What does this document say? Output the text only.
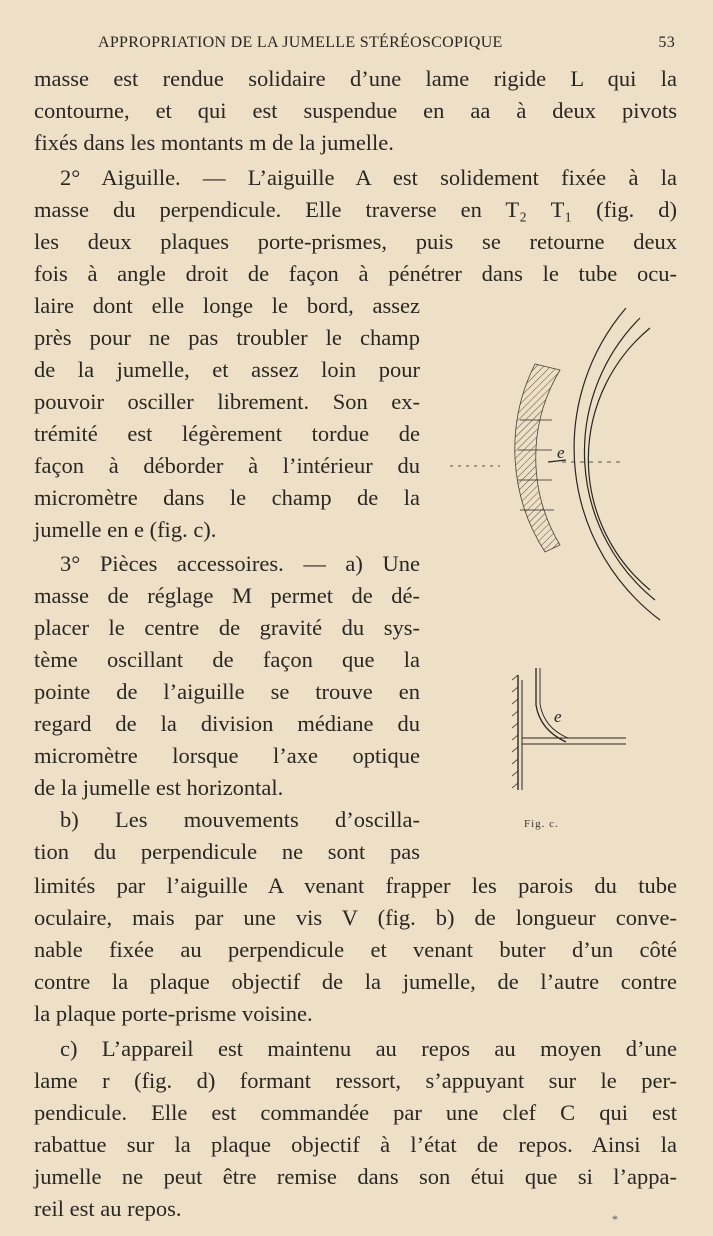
APPROPRIATION DE LA JUMELLE STÉRÉOSCOPIQUE	53
masse est rendue solidaire d’une lame rigide L qui la
contourne, et qui est suspendue en aa à deux pivots
fixés dans les montants m de la jumelle.
2° Aiguille. — L’aiguille A est solidement fixée à la
masse du perpendicule. Elle traverse en T₂ T₁ (fig. d)
les deux plaques porte-prismes, puis se retourne deux
fois à angle droit de façon à pénétrer dans le tube ocu-
laire dont elle longe le bord, assez
près pour ne pas troubler le champ
de la jumelle, et assez loin pour
pouvoir osciller librement. Son ex-
trémité est légèrement tordue de
façon à déborder à l’intérieur du
micromètre dans le champ de la
jumelle en e (fig. c).
3° Pièces accessoires. — a) Une
masse de réglage M permet de dé-
placer le centre de gravité du sys-
tème oscillant de façon que la
pointe de l’aiguille se trouve en
regard de la division médiane du
micromètre lorsque l’axe optique
de la jumelle est horizontal.
b) Les mouvements d’oscilla-
tion du perpendicule ne sont pas
limités par l’aiguille A venant frapper les parois du tube
oculaire, mais par une vis V (fig. b) de longueur conve-
nable fixée au perpendicule et venant buter d’un côté
contre la plaque objectif de la jumelle, de l’autre contre
la plaque porte-prisme voisine.
c) L’appareil est maintenu au repos au moyen d’une
lame r (fig. d) formant ressort, s’appuyant sur le per-
pendicule. Elle est commandée par une clef C qui est
rabattue sur la plaque objectif à l’état de repos. Ainsi la
jumelle ne peut être remise dans son étui que si l’appa-
reil est au repos.
e
e
Fig. c.
*
